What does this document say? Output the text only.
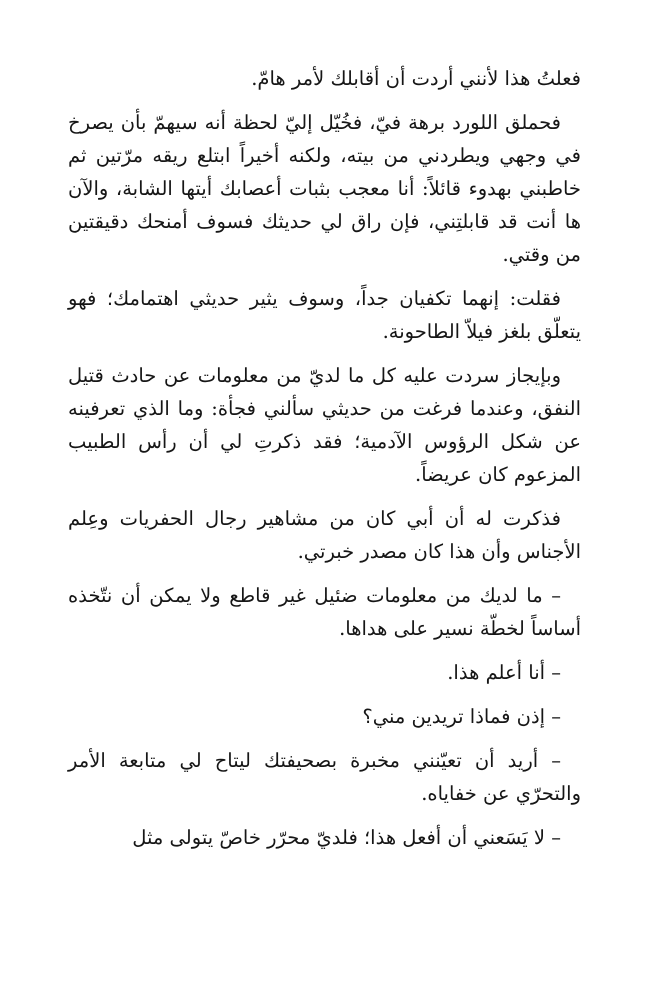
فعلتُ هذا لأنني أردت أن أقابلك لأمر هامّ.

فحملق اللورد برهة فيّ، فخُيّل إليّ لحظة أنه سيهمّ بأن يصرخ في وجهي ويطردني من بيته، ولكنه أخيراً ابتلع ريقه مرّتين ثم خاطبني بهدوء قائلاً: أنا معجب بثبات أعصابك أيتها الشابة، والآن ها أنت قد قابلتِني، فإن راق لي حديثك فسوف أمنحك دقيقتين من وقتي.

فقلت: إنهما تكفيان جداً، وسوف يثير حديثي اهتمامك؛ فهو يتعلّق بلغز فيلاّ الطاحونة.

وبإيجاز سردت عليه كل ما لديّ من معلومات عن حادث قتيل النفق، وعندما فرغت من حديثي سألني فجأة: وما الذي تعرفينه عن شكل الرؤوس الآدمية؛ فقد ذكرتِ لي أن رأس الطبيب المزعوم كان عريضاً.

فذكرت له أن أبي كان من مشاهير رجال الحفريات وعِلم الأجناس وأن هذا كان مصدر خبرتي.

– ما لديك من معلومات ضئيل غير قاطع ولا يمكن أن نتّخذه أساساً لخطّة نسير على هداها.

– أنا أعلم هذا.

– إذن فماذا تريدين مني؟

– أريد أن تعيّنني مخبرة بصحيفتك ليتاح لي متابعة الأمر والتحرّي عن خفاياه.

– لا يَسَعني أن أفعل هذا؛ فلديّ محرّر خاصّ يتولى مثل
